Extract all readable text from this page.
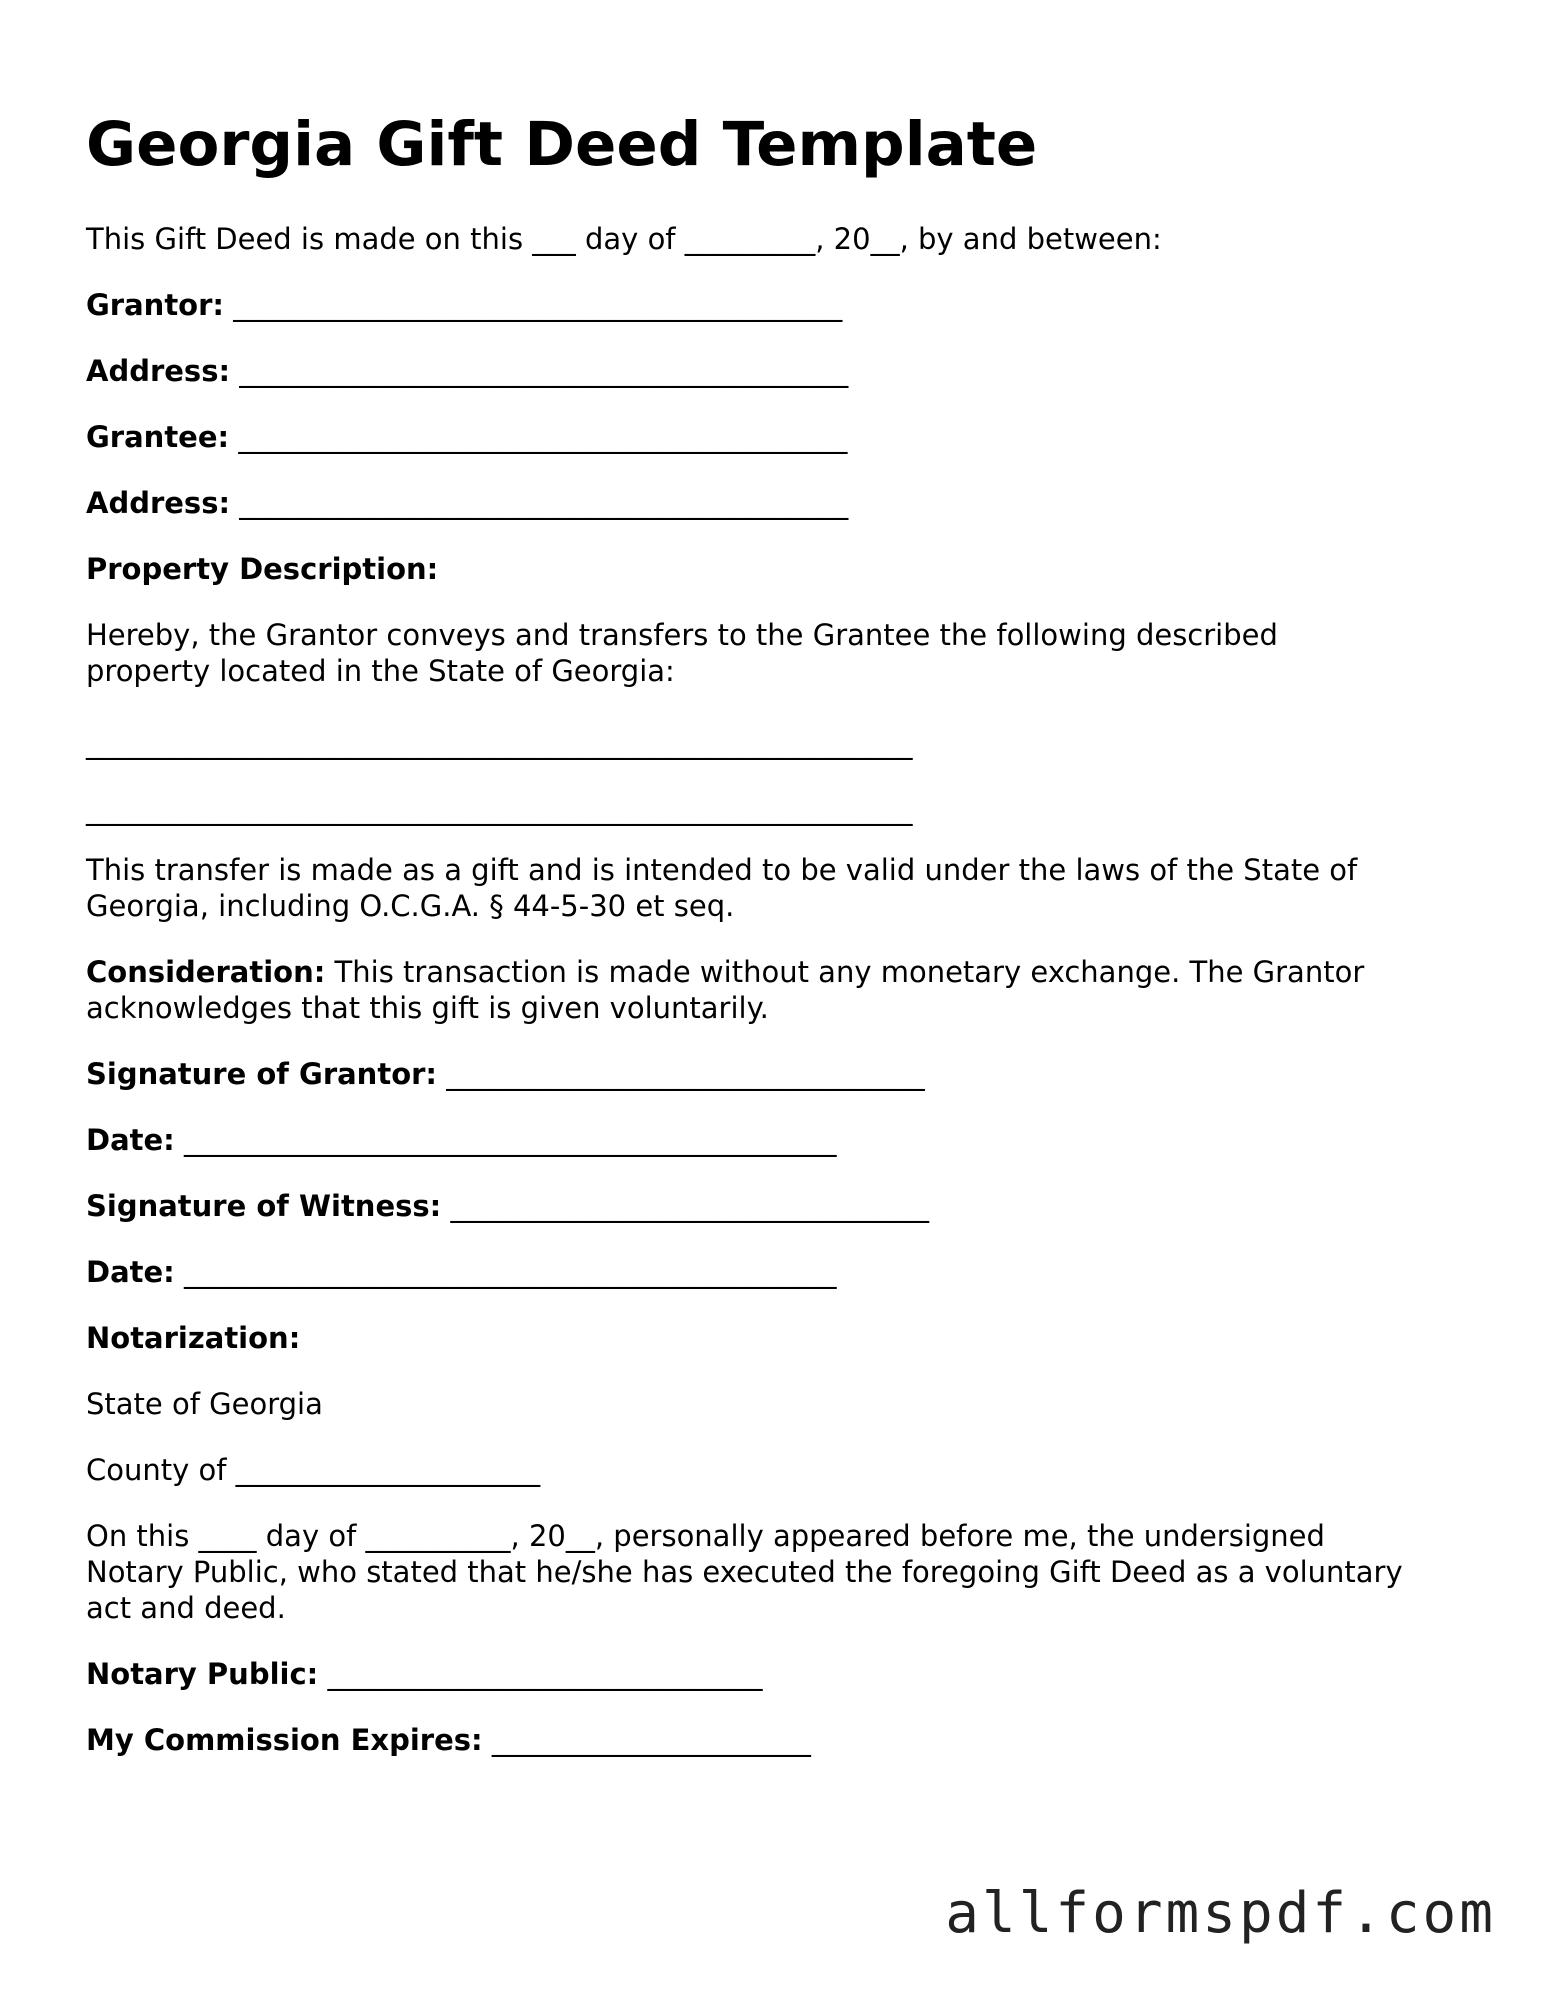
Georgia Gift Deed Template

This Gift Deed is made on this ___ day of _________, 20__, by and between:

Grantor: __________________________________________

Address: __________________________________________

Grantee: __________________________________________

Address: __________________________________________

Property Description:

Hereby, the Grantor conveys and transfers to the Grantee the following described
property located in the State of Georgia:

_________________________________________________________

_________________________________________________________

This transfer is made as a gift and is intended to be valid under the laws of the State of
Georgia, including O.C.G.A. § 44-5-30 et seq.
Consideration: This transaction is made without any monetary exchange. The Grantor
acknowledges that this gift is given voluntarily.

Signature of Grantor: _________________________________

Date: _____________________________________________

Signature of Witness: _________________________________

Date: _____________________________________________

Notarization:

State of Georgia

County of _____________________

On this ____ day of __________, 20__, personally appeared before me, the undersigned
Notary Public, who stated that he/she has executed the foregoing Gift Deed as a voluntary
act and deed.

Notary Public: ______________________________

My Commission Expires: ______________________

allformspdf.com
